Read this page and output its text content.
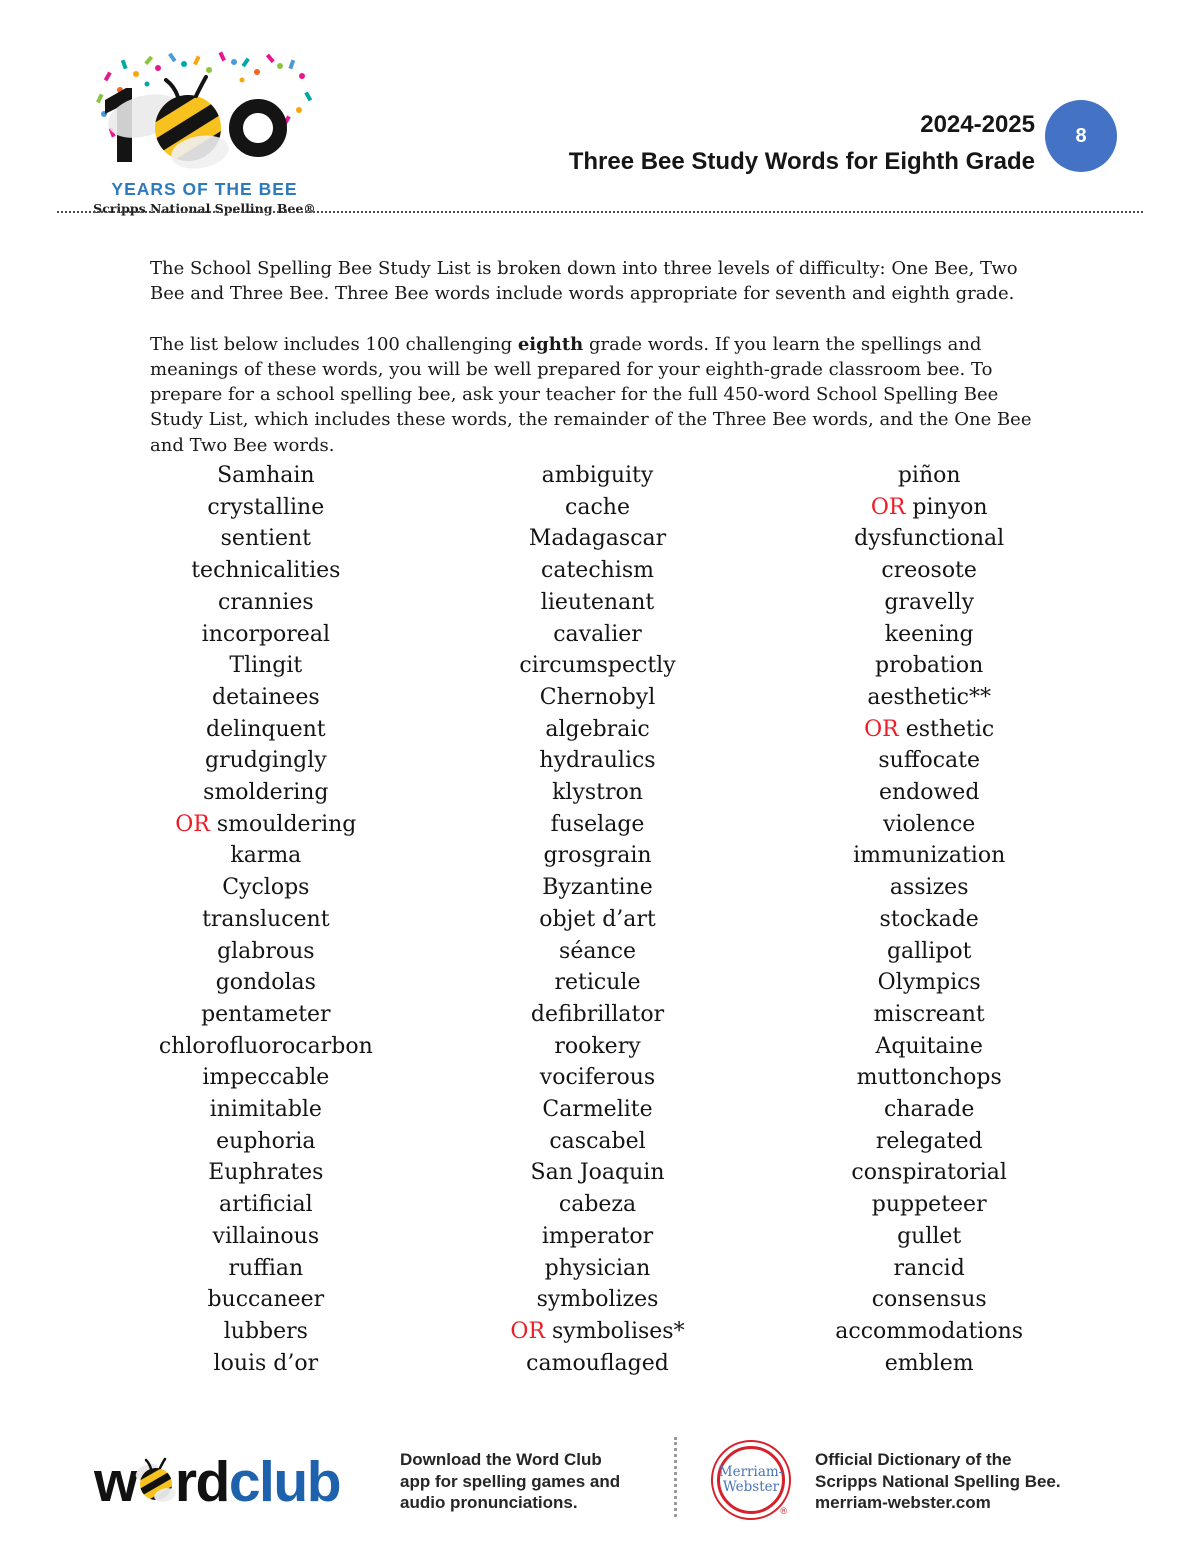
YEARS OF THE BEE
Scripps National Spelling Bee®
2024-2025
Three Bee Study Words for Eighth Grade
8

The School Spelling Bee Study List is broken down into three levels of difficulty: One Bee, Two Bee and Three Bee. Three Bee words include words appropriate for seventh and eighth grade.

The list below includes 100 challenging eighth grade words. If you learn the spellings and meanings of these words, you will be well prepared for your eighth-grade classroom bee. To prepare for a school spelling bee, ask your teacher for the full 450-word School Spelling Bee Study List, which includes these words, the remainder of the Three Bee words, and the One Bee and Two Bee words.

Samhain
crystalline
sentient
technicalities
crannies
incorporeal
Tlingit
detainees
delinquent
grudgingly
smoldering
OR smouldering
karma
Cyclops
translucent
glabrous
gondolas
pentameter
chlorofluorocarbon
impeccable
inimitable
euphoria
Euphrates
artificial
villainous
ruffian
buccaneer
lubbers
louis d’or
ambiguity
cache
Madagascar
catechism
lieutenant
cavalier
circumspectly
Chernobyl
algebraic
hydraulics
klystron
fuselage
grosgrain
Byzantine
objet d’art
séance
reticule
defibrillator
rookery
vociferous
Carmelite
cascabel
San Joaquin
cabeza
imperator
physician
symbolizes
OR symbolises*
camouflaged
piñon
OR pinyon
dysfunctional
creosote
gravelly
keening
probation
aesthetic**
OR esthetic
suffocate
endowed
violence
immunization
assizes
stockade
gallipot
Olympics
miscreant
Aquitaine
muttonchops
charade
relegated
conspiratorial
puppeteer
gullet
rancid
consensus
accommodations
emblem
w rd club	Download the Word Club
app for spelling games and
audio pronunciations.
Merriam-
Webster
®
Official Dictionary of the
Scripps National Spelling Bee.
merriam-webster.com
